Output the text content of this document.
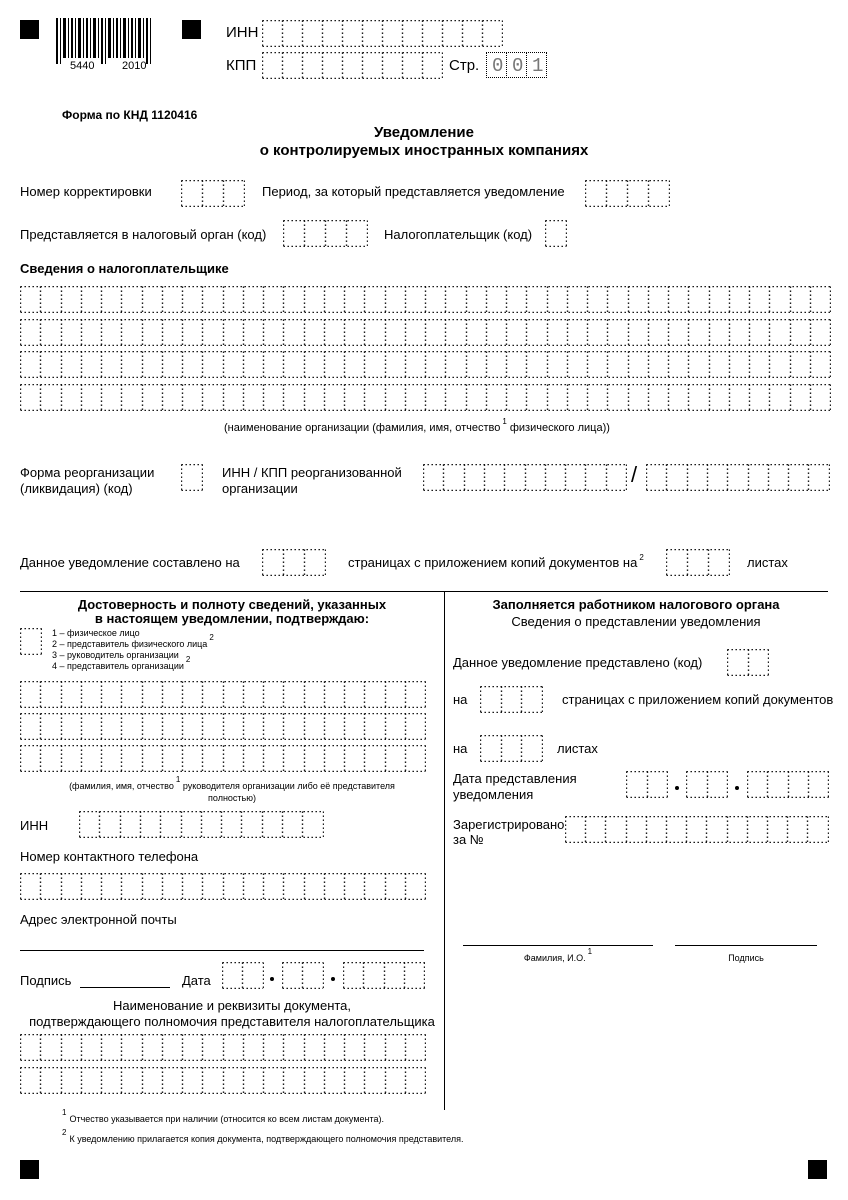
5440	2010
ИНН
КПП	Стр. 0 0 1
Форма по КНД 1120416
Уведомление
о контролируемых иностранных компаниях
Номер корректировки	Период, за который представляется уведомление
Представляется в налоговый орган (код)	Налогоплательщик (код)
Сведения о налогоплательщике
(наименование организации (фамилия, имя, отчество$^1$ физического лица))
Форма реорганизации
(ликвидация) (код)
ИНН / КПП реорганизованной
организации
/
Данное уведомление составлено на	страницах с приложением копий документов на $^2$	листах
Достоверность и полноту сведений, указанных
в настоящем уведомлении, подтверждаю:
1 – физическое лицо
2 – представитель физического лица2
3 – руководитель организации
4 – представитель организации2
(фамилия, имя, отчество1 руководителя организации либо её представителя
полностью)
ИНН
Номер контактного телефона
Адрес электронной почты
Подпись	Дата
Наименование и реквизиты документа,
подтверждающего полномочия представителя налогоплательщика
Заполняется работником налогового органа
Сведения о представлении уведомления
Данное уведомление представлено (код)
на	страницах с приложением копий документов
на	листах
Дата представления
уведомления
Зарегистрировано
за №
Фамилия, И.О.1
Подпись
1Отчество указывается при наличии (относится ко всем листам документа).
2К уведомлению прилагается копия документа, подтверждающего полномочия представителя.
